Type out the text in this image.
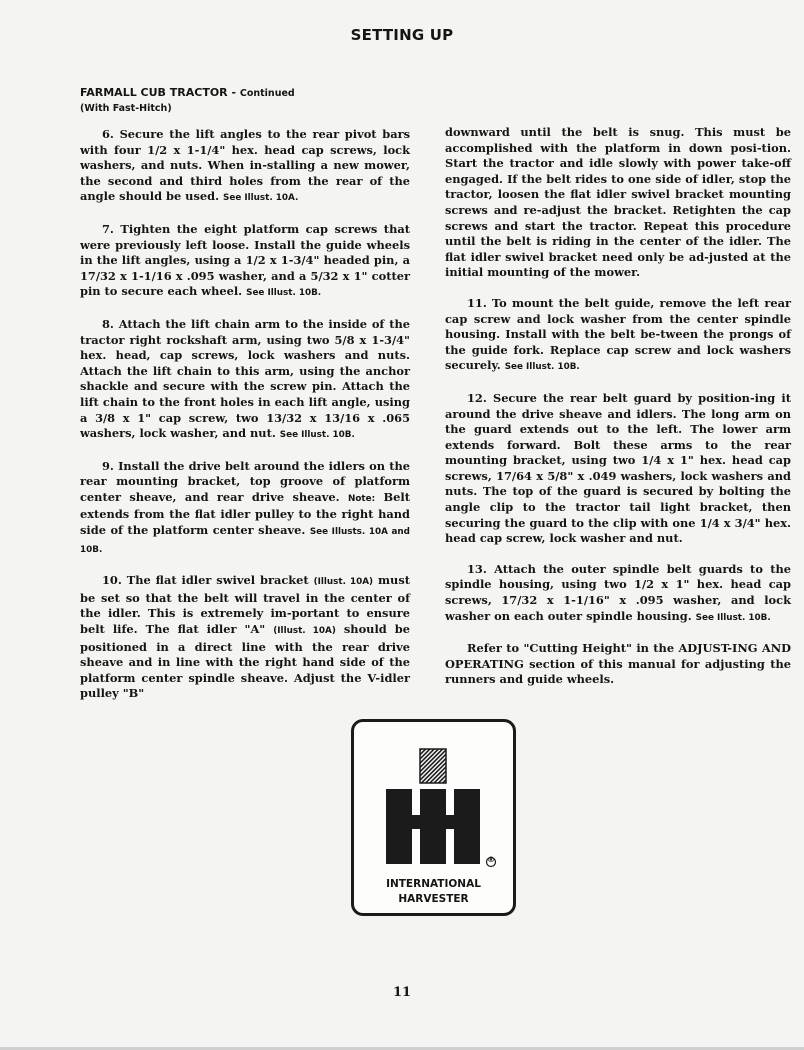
SETTING UP
FARMALL CUB TRACTOR - Continued
(With Fast-Hitch)

6. Secure the lift angles to the rear pivot bars with four 1/2 x 1-1/4" hex. head cap screws, lock washers, and nuts. When in-stalling a new mower, the second and third holes from the rear of the angle should be used. See Illust. 10A.

7. Tighten the eight platform cap screws that were previously left loose. Install the guide wheels in the lift angles, using a 1/2 x 1-3/4" headed pin, a 17/32 x 1-1/16 x .095 washer, and a 5/32 x 1" cotter pin to secure each wheel. See Illust. 10B.

8. Attach the lift chain arm to the inside of the tractor right rockshaft arm, using two 5/8 x 1-3/4" hex. head, cap screws, lock washers and nuts. Attach the lift chain to this arm, using the anchor shackle and secure with the screw pin. Attach the lift chain to the front holes in each lift angle, using a 3/8 x 1" cap screw, two 13/32 x 13/16 x .065 washers, lock washer, and nut. See Illust. 10B.

9. Install the drive belt around the idlers on the rear mounting bracket, top groove of platform center sheave, and rear drive sheave. Note: Belt extends from the flat idler pulley to the right hand side of the platform center sheave. See Illusts. 10A and 10B.

10. The flat idler swivel bracket (Illust. 10A) must be set so that the belt will travel in the center of the idler. This is extremely im-portant to ensure belt life. The flat idler "A" (Illust. 10A) should be positioned in a direct line with the rear drive sheave and in line with the right hand side of the platform center spindle sheave. Adjust the V-idler pulley "B"

downward until the belt is snug. This must be accomplished with the platform in down posi-tion. Start the tractor and idle slowly with power take-off engaged. If the belt rides to one side of idler, stop the tractor, loosen the flat idler swivel bracket mounting screws and re-adjust the bracket. Retighten the cap screws and start the tractor. Repeat this procedure until the belt is riding in the center of the idler. The flat idler swivel bracket need only be ad-justed at the initial mounting of the mower.

11. To mount the belt guide, remove the left rear cap screw and lock washer from the center spindle housing. Install with the belt be-tween the prongs of the guide fork. Replace cap screw and lock washers securely. See Illust. 10B.

12. Secure the rear belt guard by position-ing it around the drive sheave and idlers. The long arm on the guard extends out to the left. The lower arm extends forward. Bolt these arms to the rear mounting bracket, using two 1/4 x 1" hex. head cap screws, 17/64 x 5/8" x .049 washers, lock washers and nuts. The top of the guard is secured by bolting the angle clip to the tractor tail light bracket, then securing the guard to the clip with one 1/4 x 3/4" hex. head cap screw, lock washer and nut.

13. Attach the outer spindle belt guards to the spindle housing, using two 1/2 x 1" hex. head cap screws, 17/32 x 1-1/16" x .095 washer, and lock washer on each outer spindle housing. See Illust. 10B.

Refer to "Cutting Height" in the ADJUST-ING AND OPERATING section of this manual for adjusting the runners and guide wheels.

®
INTERNATIONAL
HARVESTER
11
